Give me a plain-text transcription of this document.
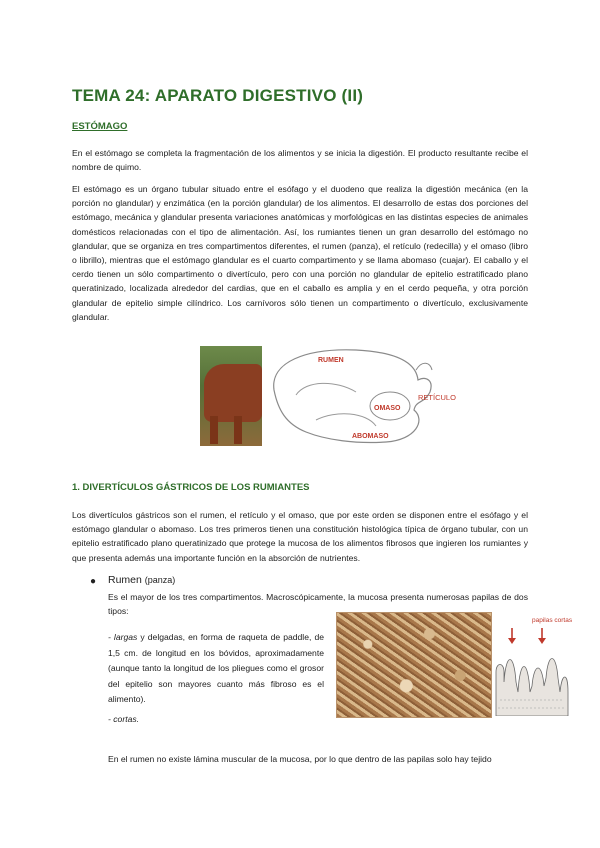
TEMA 24: APARATO DIGESTIVO (II)
ESTÓMAGO

En el estómago se completa la fragmentación de los alimentos y se inicia la digestión. El producto resultante recibe el nombre de quimo.

El estómago es un órgano tubular situado entre el esófago y el duodeno que realiza la digestión mecánica (en la porción no glandular) y enzimática (en la porción glandular) de los alimentos. El desarrollo de estas dos porciones del estómago, mecánica y glandular presenta variaciones anatómicas y morfológicas en las distintas especies de animales domésticos relacionadas con el tipo de alimentación. Así, los rumiantes tienen un gran desarrollo del estómago no glandular, que se organiza en tres compartimentos diferentes, el rumen (panza), el retículo (redecilla) y el omaso (libro o librillo), mientras que el estómago glandular es el cuarto compartimento y se llama abomaso (cuajar). El caballo y el cerdo tienen un sólo compartimento o divertículo, pero con una porción no glandular de epitelio estratificado plano queratinizado, localizada alrededor del cardias, que en el caballo es amplia y en el cerdo pequeña, y otra porción glandular de epitelio simple cilíndrico. Los carnívoros sólo tienen un compartimento o divertículo, exclusivamente glandular.

RUMEN
RETÍCULO
OMASO
ABOMASO
1. DIVERTÍCULOS GÁSTRICOS DE LOS RUMIANTES

Los divertículos gástricos son el rumen, el retículo y el omaso, que por este orden se disponen entre el esófago y el estómago glandular o abomaso. Los tres primeros tienen una constitución histológica típica de órgano tubular, con un epitelio estratificado plano queratinizado que protege la mucosa de los alimentos fibrosos que ingieren los rumiantes y que presenta además una importante función en la absorción de nutrientes.

● Rumen (panza)

Es el mayor de los tres compartimentos. Macroscópicamente, la mucosa presenta numerosas papilas de dos tipos:

- largas y delgadas, en forma de raqueta de paddle, de 1,5 cm. de longitud en los bóvidos, aproximadamente (aunque tanto la longitud de los pliegues como el grosor del epitelio son mayores cuanto más fibroso es el alimento).

- cortas.

papilas cortas

En el rumen no existe lámina muscular de la mucosa, por lo que dentro de las papilas solo hay tejido
